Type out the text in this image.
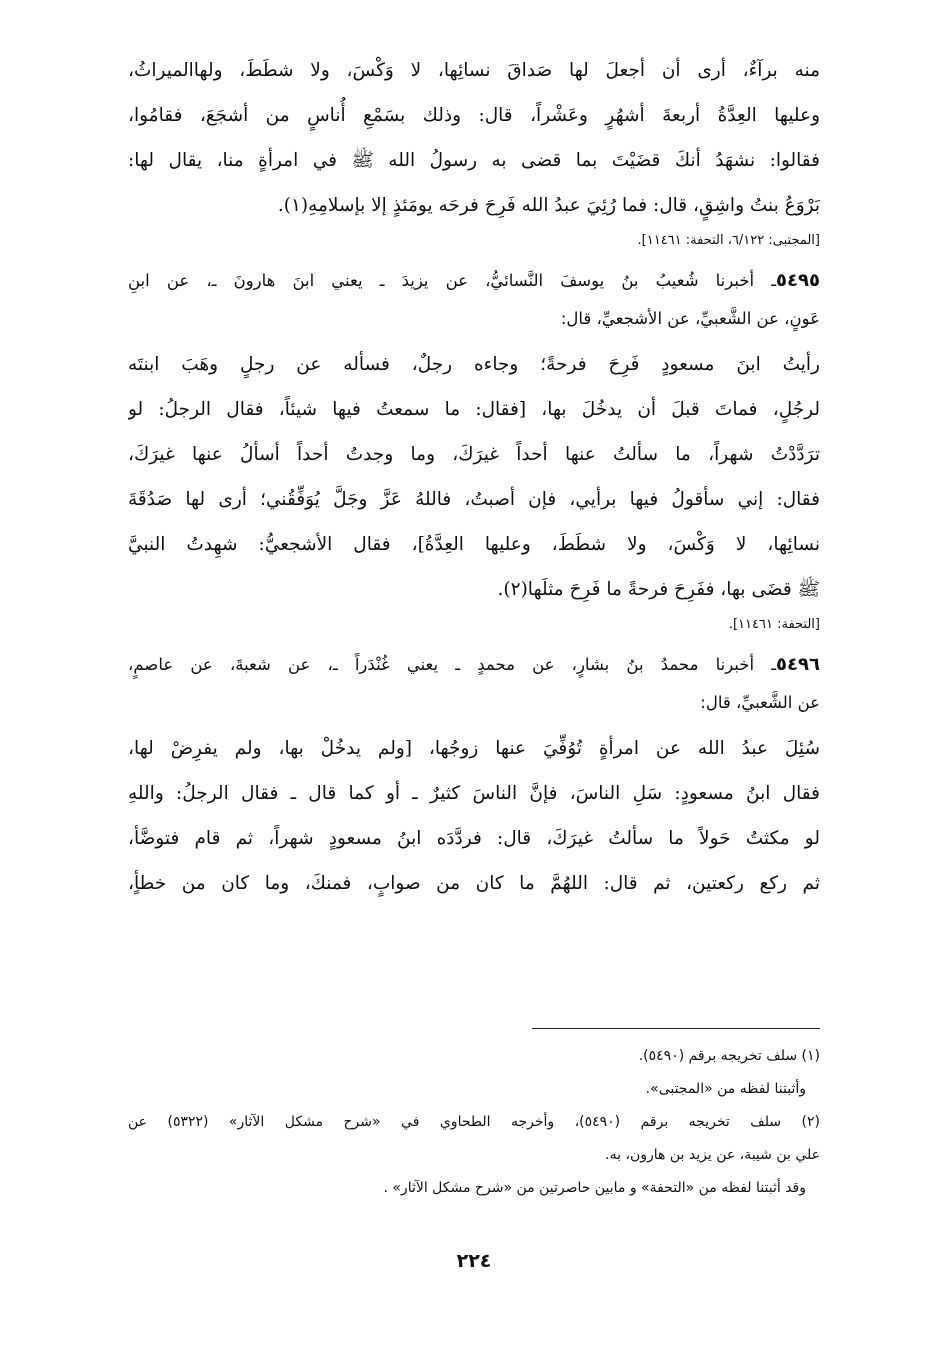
منه برآءٌ، أرى أن أجعلَ لها صَداقَ نسائِها، لا وَكْسَ، ولا شطَطَ، ولهاالميراثُ،
وعليها العِدَّةُ أربعةَ أشهُرٍ وعَشْراً، قال: وذلك بسَمْعِ أُناسٍ من أشجَعَ، فقامُوا،
فقالوا: نشهَدُ أنكَ قضَيْتَ بما قضى به رسولُ الله ﷺ في امرأةٍ منا، يقال لها:
بَرْوَعُ بنتُ واشِقٍ، قال: فما رُئِيَ عبدُ الله فَرِحَ فرحَه يومَئذٍ إلا بإسلامِهِ(١).
[المجتبى: ٦/١٢٢، التحفة: ١١٤٦١].
٥٤٩٥ـ أخبرنا شُعيبُ بنُ يوسفَ النَّسائيُّ، عن يزيدَ ـ يعني ابنَ هارونَ ـ، عن ابنِ
عَونٍ، عن الشَّعبيِّ، عن الأشجعيِّ، قال:
رأيتُ ابنَ مسعودٍ فَرِحَ فرحةً؛ وجاءه رجلٌ، فسأله عن رجلٍ وهَبَ ابنتَه
لرجُلٍ، فماتَ قبلَ أن يدخُلَ بها، [فقال: ما سمعتُ فيها شيئاً، فقال الرجلُ: لو
ترَدَّدْتُ شهراً، ما سألتُ عنها أحداً غيرَكَ، وما وجدتُ أحداً أسألُ عنها غيرَكَ،
فقال: إني سأقولُ فيها برأيي، فإن أصبتُ، فاللهُ عَزَّ وجَلَّ يُوَفِّقُني؛ أرى لها صَدُقَةَ
نسائِها، لا وَكْسَ، ولا شطَطَ، وعليها العِدَّةُ]، فقال الأشجعيُّ: شهِدتُ النبيَّ
ﷺ قضَى بها، ففَرِحَ فرحةً ما فَرِحَ مثلَها(٢).
[التحفة: ١١٤٦١].
٥٤٩٦ـ أخبرنا محمدُ بنُ بشارٍ، عن محمدٍ ـ يعني غُنْدَراً ـ، عن شعبةَ، عن عاصمٍ،
عن الشَّعبيِّ، قال:
سُئِلَ عبدُ الله عن امرأةٍ تُوُفِّيَ عنها زوجُها، [ولم يدخُلْ بها، ولم يفرِضْ لها،
فقال ابنُ مسعودٍ: سَلِ الناسَ، فإنَّ الناسَ كثيرٌ ـ أو كما قال ـ فقال الرجلُ: واللهِ
لو مكثتُ حَولاً ما سألتُ غيرَكَ، قال: فردَّدَه ابنُ مسعودٍ شهراً، ثم قام فتوضَّأ،
ثم ركع ركعتين، ثم قال: اللهُمَّ ما كان من صوابٍ، فمنكَ، وما كان من خطأٍ،
(١) سلف تخريجه برقم (٥٤٩٠).
وأثبتنا لفظه من «المجتبى».
(٢) سلف تخريجه برقم (٥٤٩٠)، وأخرجه الطحاوي في «شرح مشكل الآثار» (٥٣٢٢) عن
علي بن شيبة، عن يزيد بن هارون، به.
وقد أثبتنا لفظه من «التحفة» و مابين حاصرتين من «شرح مشكل الآثار» .
٢٢٤
